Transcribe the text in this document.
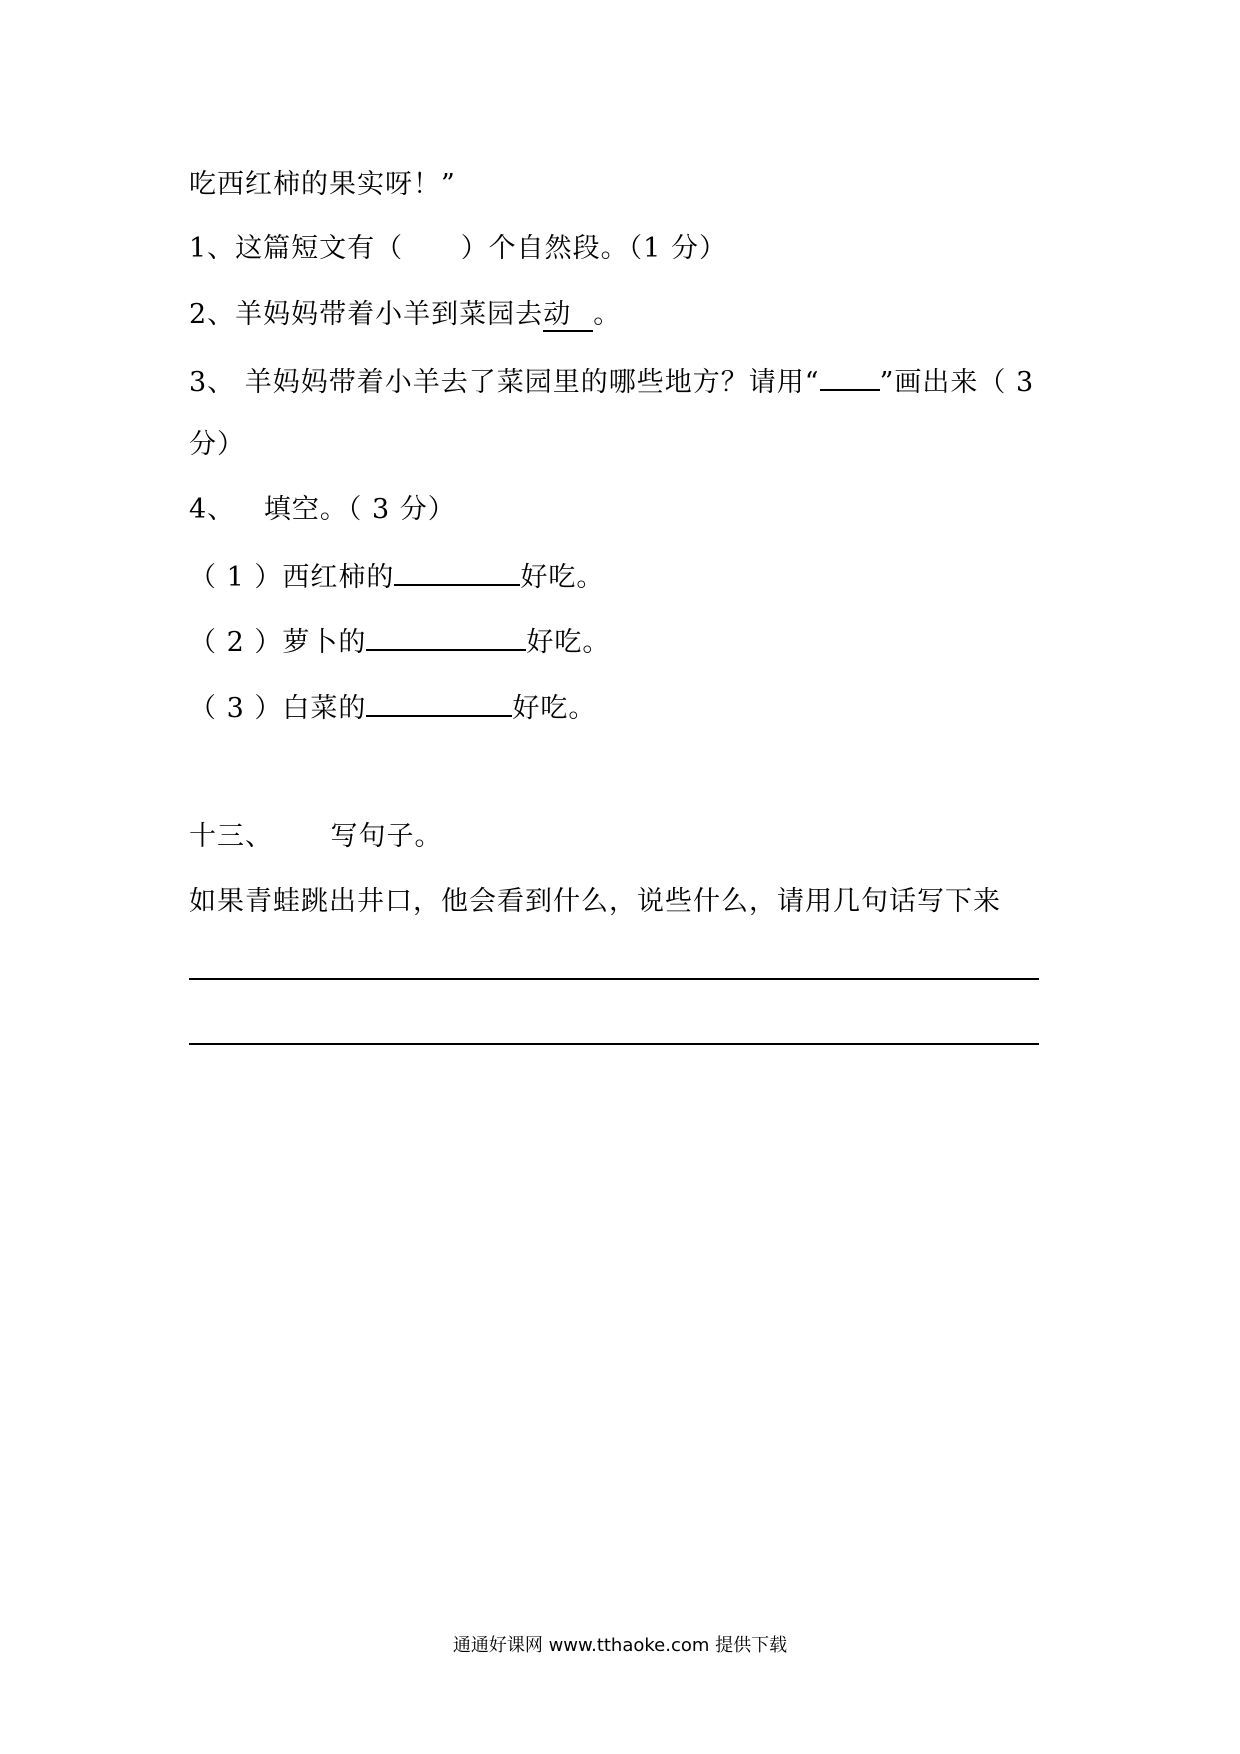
吃西红柿的果实呀！”
1、这篇短文有（ ）个自然段。（1 分）
2、羊妈妈带着小羊到菜园去动 。
3、 羊妈妈带着小羊去了菜园里的哪些地方？请用“ ”画出来（ 3
分）
4、   填空。（ 3 分）
（ 1 ）西红柿的	好吃。
（ 2 ）萝卜的	好吃。
（ 3 ）白菜的	好吃。
十三、      写句子。
如果青蛙跳出井口，他会看到什么，说些什么，请用几句话写下来
通通好课网 www.tthaoke.com 提供下载
